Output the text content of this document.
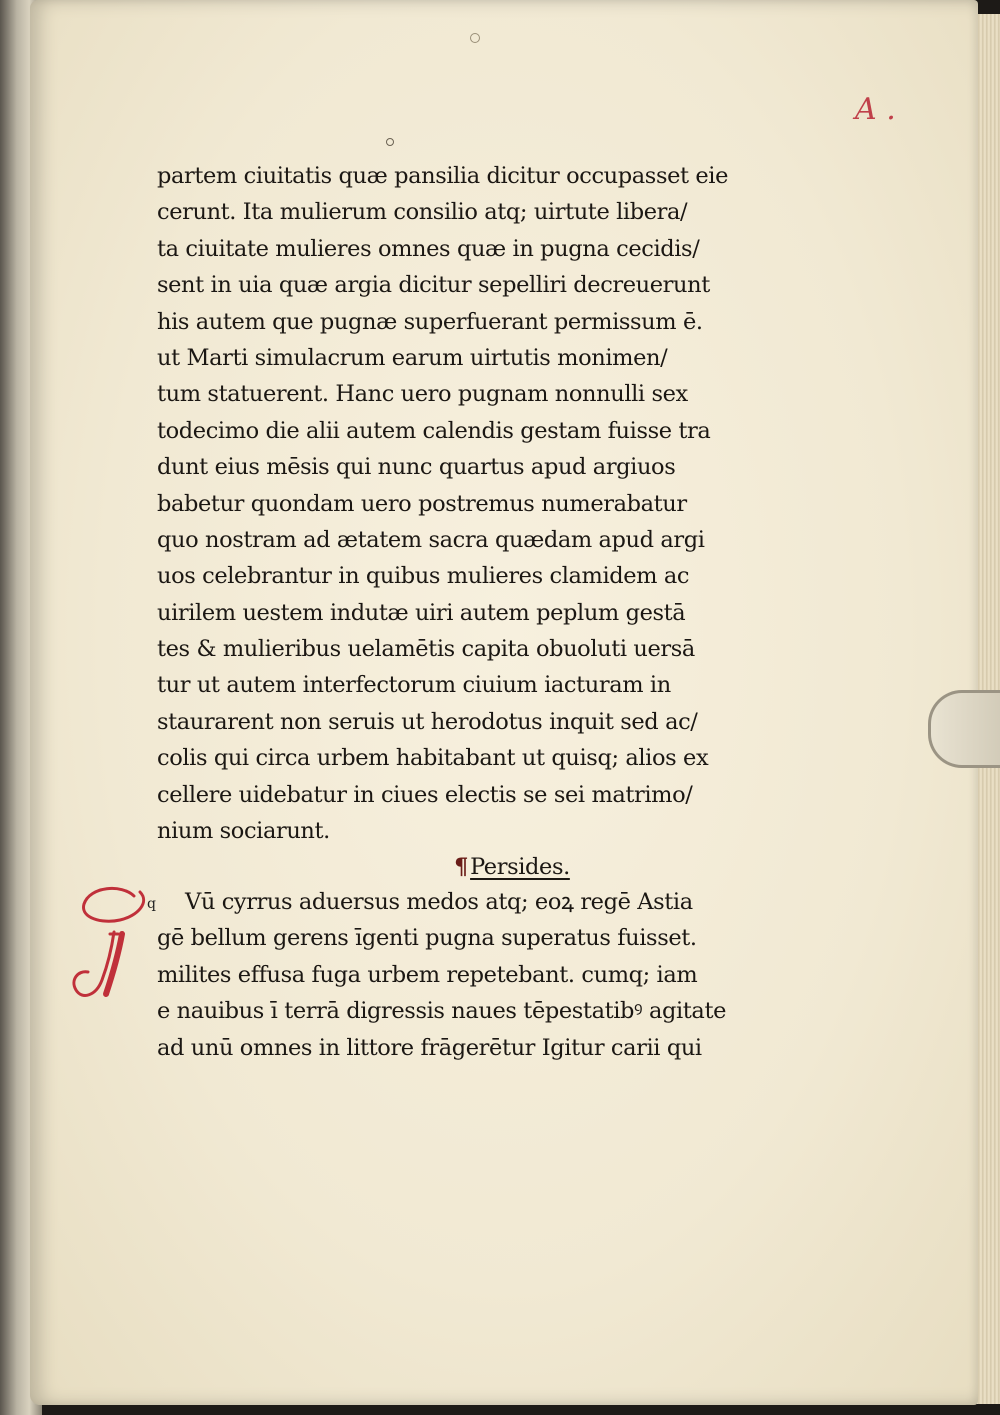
A .
partem ciuitatis quæ pansilia dicitur occupasset eie
cerunt. Ita mulierum consilio atq; uirtute libera/
ta ciuitate mulieres omnes quæ in pugna cecidis/
sent in uia quæ argia dicitur sepelliri decreuerunt
his autem que pugnæ superfuerant permissum ē.
ut Marti simulacrum earum uirtutis monimen/
tum statuerent. Hanc uero pugnam nonnulli sex
todecimo die alii autem calendis gestam fuisse tra
dunt eius mēsis qui nunc quartus apud argiuos
babetur quondam uero postremus numerabatur
quo nostram ad ætatem sacra quædam apud argi
uos celebrantur in quibus mulieres clamidem ac
uirilem uestem indutæ uiri autem peplum gestā
tes & mulieribus uelamētis capita obuoluti uersā
tur ut autem interfectorum ciuium iacturam in
staurarent non seruis ut herodotus inquit sed ac/
colis qui circa urbem habitabant ut quisq; alios ex
cellere uidebatur in ciues electis se sei matrimo/
nium sociarunt.
¶Persides.
q Vū cyrrus aduersus medos atq; eoꝝ regē Astia
gē bellum gerens īgenti pugna superatus fuisset.
milites effusa fuga urbem repetebant. cumq; iam
e nauibus ī terrā digressis naues tēpestatibꝰ agitate
ad unū omnes in littore frāgerētur Igitur carii qui
